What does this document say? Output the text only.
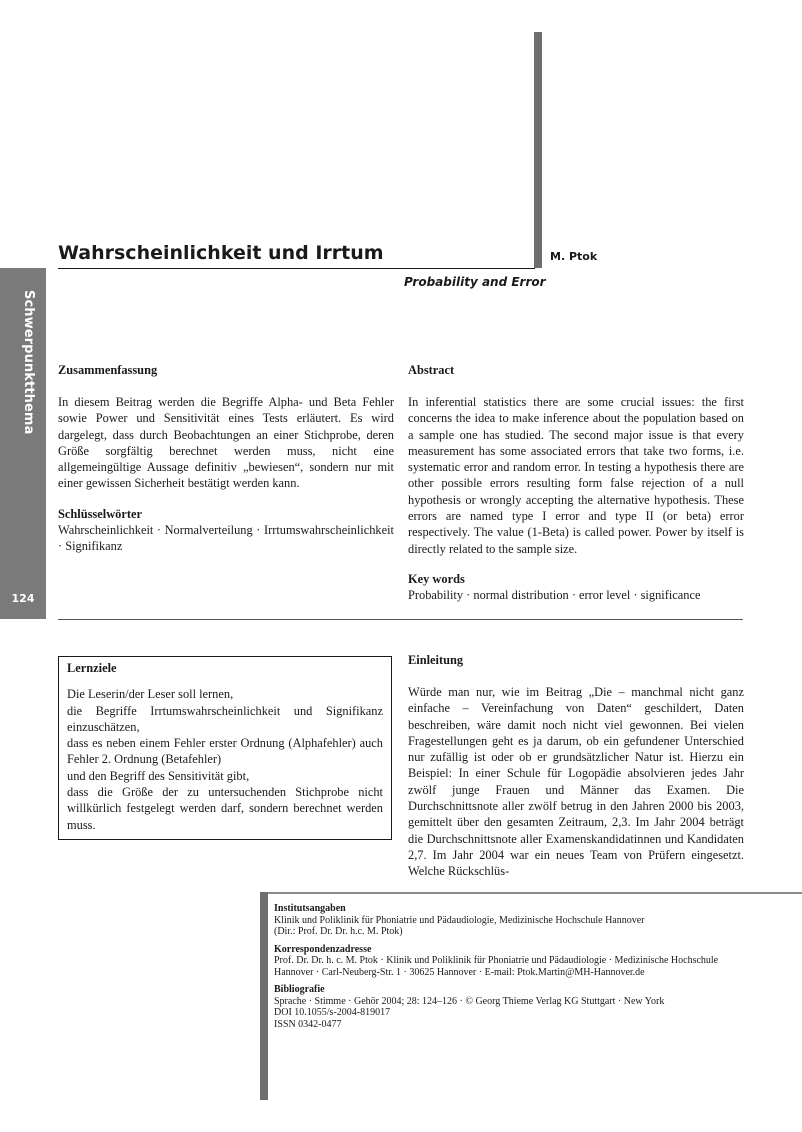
Schwerpunktthema
124
Wahrscheinlichkeit und Irrtum	M. Ptok
Probability and Error
Zusammenfassung

In diesem Beitrag werden die Begriffe Alpha- und Beta Fehler sowie Power und Sensitivität eines Tests erläutert. Es wird dargelegt, dass durch Beobachtungen an einer Stichprobe, deren Größe sorgfältig berechnet werden muss, nicht eine allgemeingültige Aussage definitiv „bewiesen“, sondern nur mit einer gewissen Sicherheit bestätigt werden kann.

Schlüsselwörter

Wahrscheinlichkeit · Normalverteilung · Irrtumswahrscheinlichkeit · Signifikanz

Abstract

In inferential statistics there are some crucial issues: the first concerns the idea to make inference about the population based on a sample one has studied. The second major issue is that every measurement has some associated errors that take two forms, i.e. systematic error and random error. In testing a hypothesis there are other possible errors resulting form false rejection of a null hypothesis or wrongly accepting the alternative hypothesis. These errors are named type I error and type II (or beta) error respectively. The value (1-Beta) is called power. Power by itself is directly related to the sample size.

Key words

Probability · normal distribution · error level · significance

Lernziele

Die Leserin/der Leser soll lernen,

die Begriffe Irrtumswahrscheinlichkeit und Signifikanz einzuschätzen,

dass es neben einem Fehler erster Ordnung (Alphafehler) auch Fehler 2. Ordnung (Betafehler)

und den Begriff des Sensitivität gibt,

dass die Größe der zu untersuchenden Stichprobe nicht willkürlich festgelegt werden darf, sondern berechnet werden muss.

Einleitung

Würde man nur, wie im Beitrag „Die – manchmal nicht ganz einfache – Vereinfachung von Daten“ geschildert, Daten beschreiben, wäre damit noch nicht viel gewonnen. Bei vielen Fragestellungen geht es ja darum, ob ein gefundener Unterschied nur zufällig ist oder ob er grundsätzlicher Natur ist. Hierzu ein Beispiel: In einer Schule für Logopädie absolvieren jedes Jahr zwölf junge Frauen und Männer das Examen. Die Durchschnittsnote aller zwölf betrug in den Jahren 2000 bis 2003, gemittelt über den gesamten Zeitraum, 2,3. Im Jahr 2004 beträgt die Durchschnittsnote aller Examenskandidatinnen und Kandidaten 2,7. Im Jahr 2004 war ein neues Team von Prüfern eingesetzt. Welche Rückschlüs-

Institutsangaben
Klinik und Poliklinik für Phoniatrie und Pädaudiologie, Medizinische Hochschule Hannover
(Dir.: Prof. Dr. Dr. h.c. M. Ptok)
Korrespondenzadresse
Prof. Dr. Dr. h. c. M. Ptok · Klinik und Poliklinik für Phoniatrie und Pädaudiologie · Medizinische Hochschule
Hannover · Carl-Neuberg-Str. 1 · 30625 Hannover · E-mail: Ptok.Martin@MH-Hannover.de
Bibliografie
Sprache · Stimme · Gehör 2004; 28: 124–126 · © Georg Thieme Verlag KG Stuttgart · New York
DOI 10.1055/s-2004-819017
ISSN 0342-0477
